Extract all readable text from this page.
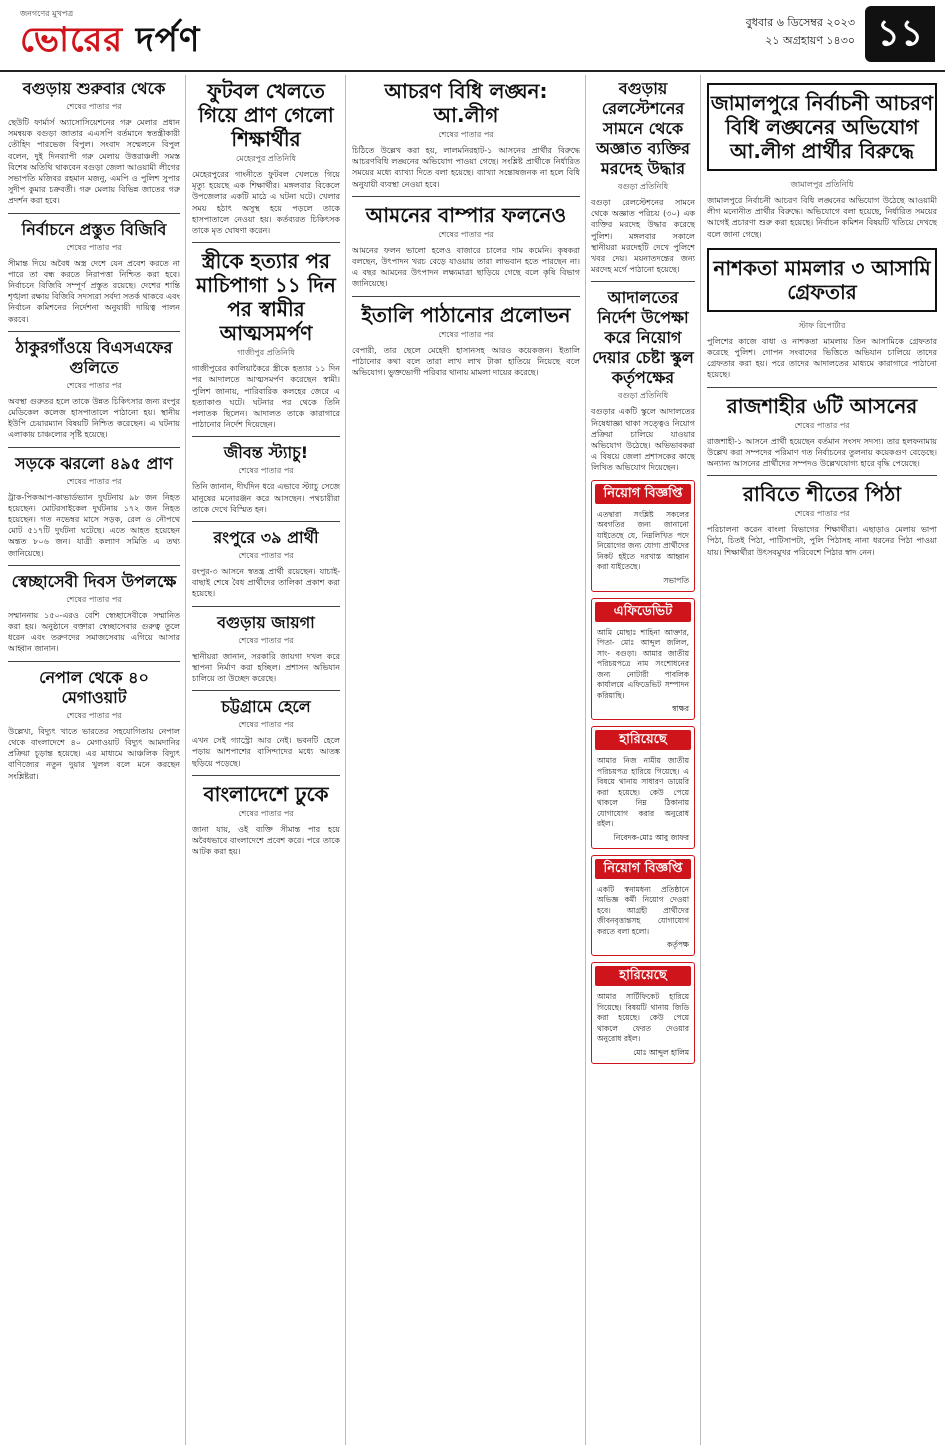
জনগণের মুখপত্র
ভোরের দর্পণ	বুধবার ৬ ডিসেম্বর ২০২৩
২১ অগ্রহায়ণ ১৪৩০ ১১
বগুড়ায় শুরুবার থেকে
শেষের পাতার পর
ছেউটি ফার্মার্স অ্যাসোসিয়েশনের গরু মেলার প্রধান সমন্বয়ক বগুড়া জাতার এএসপি বর্তমানে স্বতন্ত্রীকারী তৌহিদ পারভেজ বিপুল। সংবাদ সম্মেলনে বিপুল বলেন, দুই দিনব্যাপী গরু মেলায় উত্তরাঞ্চলী সমস্ত বিশেষ অতিথি থাকবেন বগুড়া জেলা আওয়ামী লীগের সভাপতি মজিবর রহমান মজনু, এমপি ও পুলিশ সুপার সুদীপ কুমার চক্রবর্তী। গরু মেলায় বিভিন্ন জাতের গরু প্রদর্শন করা হবে।
নির্বাচনে প্রস্তুত বিজিবি
শেষের পাতার পর
সীমান্ত দিয়ে অবৈধ অস্ত্র দেশে যেন প্রবেশ করতে না পারে তা বন্ধ করতে নিরাপত্তা নিশ্চিত করা হবে। নির্বাচনে বিজিবি সম্পূর্ণ প্রস্তুত রয়েছে। দেশের শান্তি শৃঙ্খলা রক্ষায় বিজিবি সদস্যরা সর্বদা সতর্ক থাকবে এবং নির্বাচন কমিশনের নির্দেশনা অনুযায়ী দায়িত্ব পালন করবে।
ঠাকুরগাঁওয়ে বিএসএফের গুলিতে
শেষের পাতার পর
অবস্থা গুরুতর হলে তাকে উন্নত চিকিৎসার জন্য রংপুর মেডিকেল কলেজ হাসপাতালে পাঠানো হয়। স্থানীয় ইউপি চেয়ারম্যান বিষয়টি নিশ্চিত করেছেন। এ ঘটনায় এলাকায় চাঞ্চল্যের সৃষ্টি হয়েছে।
সড়কে ঝরলো ৪৯৫ প্রাণ
শেষের পাতার পর
ট্রাক-পিকআপ-কাভার্ডভ্যান দুর্ঘটনায় ৯৮ জন নিহত হয়েছেন। মোটরসাইকেল দুর্ঘটনায় ১৭২ জন নিহত হয়েছেন। গত নভেম্বর মাসে সড়ক, রেল ও নৌপথে মোট ৫১৭টি দুর্ঘটনা ঘটেছে। এতে আহত হয়েছেন অন্তত ৮০৬ জন। যাত্রী কল্যাণ সমিতি এ তথ্য জানিয়েছে।
স্বেচ্ছাসেবী দিবস উপলক্ষে
শেষের পাতার পর
সম্মাননায় ১৫০-এরও বেশি স্বেচ্ছাসেবীকে সম্মানিত করা হয়। অনুষ্ঠানে বক্তারা স্বেচ্ছাসেবার গুরুত্ব তুলে ধরেন এবং তরুণদের সমাজসেবায় এগিয়ে আসার আহ্বান জানান।
নেপাল থেকে ৪০ মেগাওয়াট
শেষের পাতার পর
উল্লেখ্য, বিদ্যুৎ খাতে ভারতের সহযোগিতায় নেপাল থেকে বাংলাদেশে ৪০ মেগাওয়াট বিদ্যুৎ আমদানির প্রক্রিয়া চূড়ান্ত হয়েছে। এর মাধ্যমে আঞ্চলিক বিদ্যুৎ বাণিজ্যের নতুন দুয়ার খুলল বলে মনে করছেন সংশ্লিষ্টরা।
ফুটবল খেলতে গিয়ে প্রাণ গেলো শিক্ষার্থীর
মেহেরপুর প্রতিনিধি
মেহেরপুরের গাংনীতে ফুটবল খেলতে গিয়ে মৃত্যু হয়েছে এক শিক্ষার্থীর। মঙ্গলবার বিকেলে উপজেলার একটি মাঠে এ ঘটনা ঘটে। খেলার সময় হঠাৎ অসুস্থ হয়ে পড়লে তাকে হাসপাতালে নেওয়া হয়। কর্তব্যরত চিকিৎসক তাকে মৃত ঘোষণা করেন।
স্ত্রীকে হত্যার পর মাচিপাগা ১১ দিন পর স্বামীর আত্মসমর্পণ
গাজীপুর প্রতিনিধি
গাজীপুরের কালিয়াকৈরে স্ত্রীকে হত্যার ১১ দিন পর আদালতে আত্মসমর্পণ করেছেন স্বামী। পুলিশ জানায়, পারিবারিক কলহের জেরে এ হত্যাকাণ্ড ঘটে। ঘটনার পর থেকে তিনি পলাতক ছিলেন। আদালত তাকে কারাগারে পাঠানোর নির্দেশ দিয়েছেন।
জীবন্ত স্ট্যাচু!
শেষের পাতার পর
তিনি জানান, দীর্ঘদিন ধরে এভাবে স্ট্যাচু সেজে মানুষের মনোরঞ্জন করে আসছেন। পথচারীরা তাকে দেখে বিস্মিত হন।
রংপুরে ৩৯ প্রার্থী
শেষের পাতার পর
রংপুর-৩ আসনে স্বতন্ত্র প্রার্থী রয়েছেন। যাচাই-বাছাই শেষে বৈধ প্রার্থীদের তালিকা প্রকাশ করা হয়েছে।
বগুড়ায় জায়গা
শেষের পাতার পর
স্থানীয়রা জানান, সরকারি জায়গা দখল করে স্থাপনা নির্মাণ করা হচ্ছিল। প্রশাসন অভিযান চালিয়ে তা উচ্ছেদ করেছে।
চট্টগ্রামে হেলে
শেষের পাতার পর
এখন সেই গ্যাস্ট্রো আর নেই। ভবনটি হেলে পড়ায় আশপাশের বাসিন্দাদের মধ্যে আতঙ্ক ছড়িয়ে পড়েছে।
বাংলাদেশে ঢুকে
শেষের পাতার পর
জানা যায়, ওই ব্যক্তি সীমান্ত পার হয়ে অবৈধভাবে বাংলাদেশে প্রবেশ করে। পরে তাকে আটক করা হয়।
আচরণ বিধি লঙ্ঘন: আ.লীগ
শেষের পাতার পর
চিঠিতে উল্লেখ করা হয়, লালমনিরহাট-১ আসনের প্রার্থীর বিরুদ্ধে আচরণবিধি লঙ্ঘনের অভিযোগ পাওয়া গেছে। সংশ্লিষ্ট প্রার্থীকে নির্ধারিত সময়ের মধ্যে ব্যাখ্যা দিতে বলা হয়েছে। ব্যাখ্যা সন্তোষজনক না হলে বিধি অনুযায়ী ব্যবস্থা নেওয়া হবে।
আমনের বাম্পার ফলনেও
শেষের পাতার পর
আমনের ফলন ভালো হলেও বাজারে চালের দাম কমেনি। কৃষকরা বলছেন, উৎপাদন খরচ বেড়ে যাওয়ায় তারা লাভবান হতে পারছেন না। এ বছর আমনের উৎপাদন লক্ষ্যমাত্রা ছাড়িয়ে গেছে বলে কৃষি বিভাগ জানিয়েছে।
ইতালি পাঠানোর প্রলোভন
শেষের পাতার পর
বেপারী, তার ছেলে মেহেদী হাসানসহ আরও কয়েকজন। ইতালি পাঠানোর কথা বলে তারা লাখ লাখ টাকা হাতিয়ে নিয়েছে বলে অভিযোগ। ভুক্তভোগী পরিবার থানায় মামলা দায়ের করেছে।
বগুড়ায় রেলস্টেশনের সামনে থেকে অজ্ঞাত ব্যক্তির মরদেহ উদ্ধার
বগুড়া প্রতিনিধি
বগুড়া রেলস্টেশনের সামনে থেকে অজ্ঞাত পরিচয় (৩০) এক ব্যক্তির মরদেহ উদ্ধার করেছে পুলিশ। মঙ্গলবার সকালে স্থানীয়রা মরদেহটি দেখে পুলিশে খবর দেয়। ময়নাতদন্তের জন্য মরদেহ মর্গে পাঠানো হয়েছে।
আদালতের নির্দেশ উপেক্ষা করে নিয়োগ দেয়ার চেষ্টা স্কুল কর্তৃপক্ষের
বগুড়া প্রতিনিধি
বগুড়ার একটি স্কুলে আদালতের নিষেধাজ্ঞা থাকা সত্ত্বেও নিয়োগ প্রক্রিয়া চালিয়ে যাওয়ার অভিযোগ উঠেছে। অভিভাবকরা এ বিষয়ে জেলা প্রশাসকের কাছে লিখিত অভিযোগ দিয়েছেন।
নিয়োগ বিজ্ঞপ্তি
এতদ্বারা সংশ্লিষ্ট সকলের অবগতির জন্য জানানো যাইতেছে যে, নিম্নলিখিত পদে নিয়োগের জন্য যোগ্য প্রার্থীদের নিকট হইতে দরখাস্ত আহ্বান করা যাইতেছে।
সভাপতি
এফিডেভিট
আমি মোছাঃ শাহিনা আক্তার, পিতা- মোঃ আব্দুল জলিল, সাং- বগুড়া। আমার জাতীয় পরিচয়পত্রে নাম সংশোধনের জন্য নোটারী পাবলিক কার্যালয়ে এফিডেভিট সম্পাদন করিয়াছি।
স্বাক্ষর
হারিয়েছে
আমার নিজ নামীয় জাতীয় পরিচয়পত্র হারিয়ে গিয়েছে। এ বিষয়ে থানায় সাধারণ ডায়েরি করা হয়েছে। কেউ পেয়ে থাকলে নিম্ন ঠিকানায় যোগাযোগ করার অনুরোধ রইল।
নিবেদক-মোঃ আবু জাফর
নিয়োগ বিজ্ঞপ্তি
একটি স্বনামধন্য প্রতিষ্ঠানে অভিজ্ঞ কর্মী নিয়োগ দেওয়া হবে। আগ্রহী প্রার্থীদের জীবনবৃত্তান্তসহ যোগাযোগ করতে বলা হলো।
কর্তৃপক্ষ
হারিয়েছে
আমার সার্টিফিকেট হারিয়ে গিয়েছে। বিষয়টি থানায় জিডি করা হয়েছে। কেউ পেয়ে থাকলে ফেরত দেওয়ার অনুরোধ রইল।
মোঃ আব্দুল হালিম
জামালপুরে নির্বাচনী আচরণ বিধি লঙ্ঘনের অভিযোগ আ.লীগ প্রার্থীর বিরুদ্ধে
জামালপুর প্রতিনিধি
জামালপুরে নির্বাচনী আচরণ বিধি লঙ্ঘনের অভিযোগ উঠেছে আওয়ামী লীগ মনোনীত প্রার্থীর বিরুদ্ধে। অভিযোগে বলা হয়েছে, নির্ধারিত সময়ের আগেই প্রচারণা শুরু করা হয়েছে। নির্বাচন কমিশন বিষয়টি খতিয়ে দেখছে বলে জানা গেছে।
নাশকতা মামলার ৩ আসামি গ্রেফতার
স্টাফ রিপোর্টার
পুলিশের কাজে বাধা ও নাশকতা মামলায় তিন আসামিকে গ্রেফতার করেছে পুলিশ। গোপন সংবাদের ভিত্তিতে অভিযান চালিয়ে তাদের গ্রেফতার করা হয়। পরে তাদের আদালতের মাধ্যমে কারাগারে পাঠানো হয়েছে।
রাজশাহীর ৬টি আসনের
শেষের পাতার পর
রাজশাহী-১ আসনে প্রার্থী হয়েছেন বর্তমান সংসদ সদস্য। তার হলফনামায় উল্লেখ করা সম্পদের পরিমাণ গত নির্বাচনের তুলনায় কয়েকগুণ বেড়েছে। অন্যান্য আসনের প্রার্থীদের সম্পদও উল্লেখযোগ্য হারে বৃদ্ধি পেয়েছে।
রাবিতে শীতের পিঠা
শেষের পাতার পর
পরিচালনা করেন বাংলা বিভাগের শিক্ষার্থীরা। এছাড়াও মেলায় ভাপা পিঠা, চিতই পিঠা, পাটিসাপটা, পুলি পিঠাসহ নানা ধরনের পিঠা পাওয়া যায়। শিক্ষার্থীরা উৎসবমুখর পরিবেশে পিঠার স্বাদ নেন।
